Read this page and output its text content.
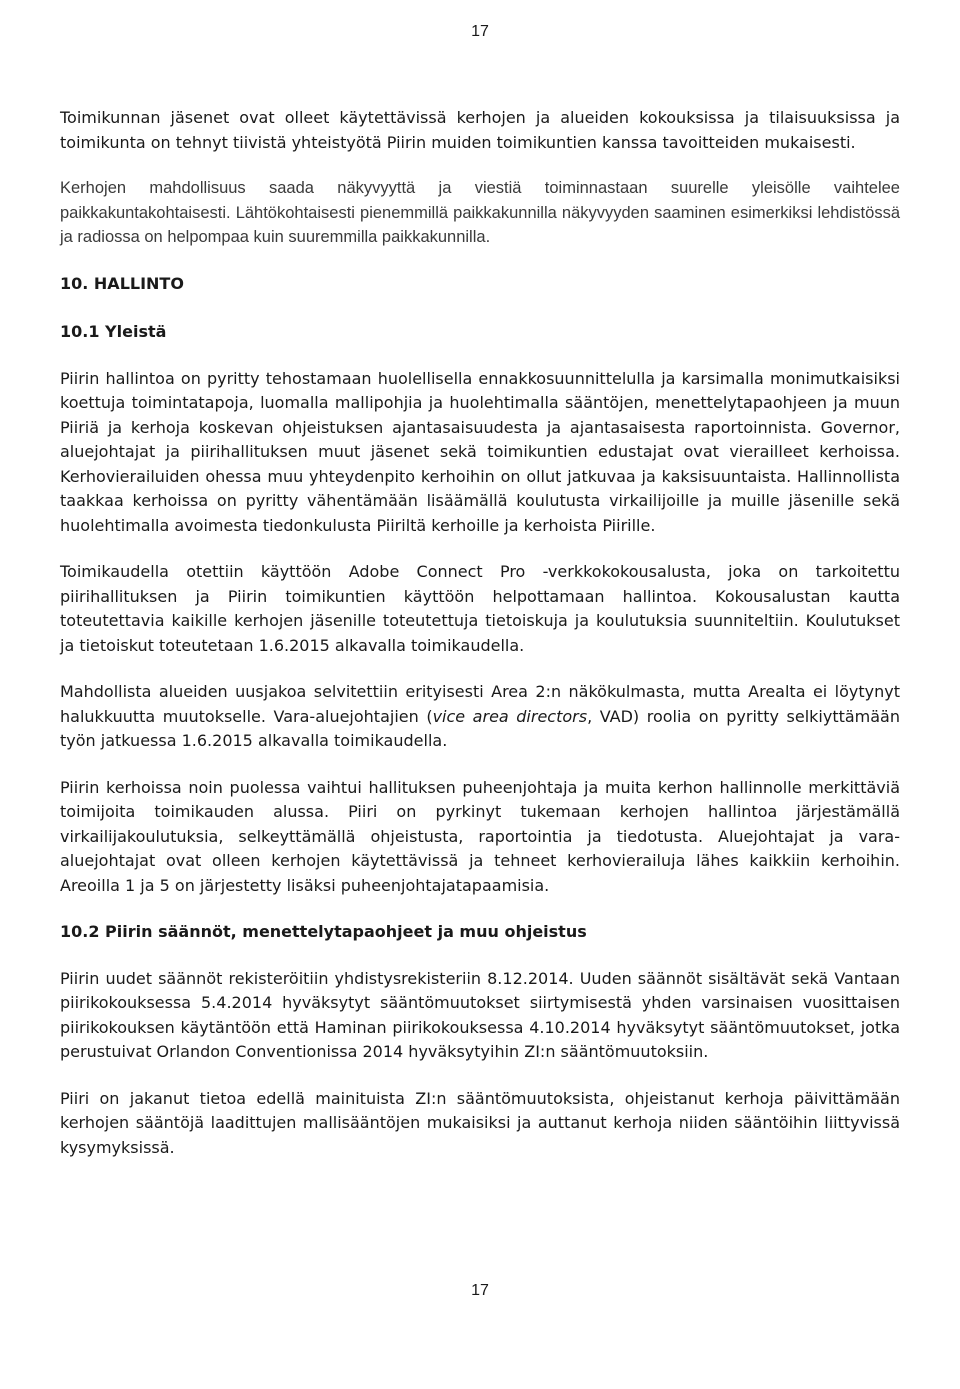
17

Toimikunnan jäsenet ovat olleet käytettävissä kerhojen ja alueiden kokouksissa ja tilaisuuksissa ja toimikunta on tehnyt tiivistä yhteistyötä Piirin muiden toimikuntien kanssa tavoitteiden mukaisesti.

Kerhojen mahdollisuus saada näkyvyyttä ja viestiä toiminnastaan suurelle yleisölle vaihtelee paikkakuntakohtaisesti. Lähtökohtaisesti pienemmillä paikkakunnilla näkyvyyden saaminen esimerkiksi lehdistössä ja radiossa on helpompaa kuin suuremmilla paikkakunnilla.

10. HALLINTO
10.1 Yleistä

Piirin hallintoa on pyritty tehostamaan huolellisella ennakkosuunnittelulla ja karsimalla monimutkaisiksi koettuja toimintatapoja, luomalla mallipohjia ja huolehtimalla sääntöjen, menettelytapaohjeen ja muun Piiriä ja kerhoja koskevan ohjeistuksen ajantasaisuudesta ja ajantasaisesta raportoinnista. Governor, aluejohtajat ja piirihallituksen muut jäsenet sekä toimikuntien edustajat ovat vierailleet kerhoissa. Kerhovierailuiden ohessa muu yhteydenpito kerhoihin on ollut jatkuvaa ja kaksisuuntaista. Hallinnollista taakkaa kerhoissa on pyritty vähentämään lisäämällä koulutusta virkailijoille ja muille jäsenille sekä huolehtimalla avoimesta tiedonkulusta Piiriltä kerhoille ja kerhoista Piirille.

Toimikaudella otettiin käyttöön Adobe Connect Pro -verkkokokousalusta, joka on tarkoitettu piirihallituksen ja Piirin toimikuntien käyttöön helpottamaan hallintoa. Kokousalustan kautta toteutettavia kaikille kerhojen jäsenille toteutettuja tietoiskuja ja koulutuksia suunniteltiin. Koulutukset ja tietoiskut toteutetaan 1.6.2015 alkavalla toimikaudella.

Mahdollista alueiden uusjakoa selvitettiin erityisesti Area 2:n näkökulmasta, mutta Arealta ei löytynyt halukkuutta muutokselle. Vara-aluejohtajien (vice area directors, VAD) roolia on pyritty selkiyttämään työn jatkuessa 1.6.2015 alkavalla toimikaudella.

Piirin kerhoissa noin puolessa vaihtui hallituksen puheenjohtaja ja muita kerhon hallinnolle merkittäviä toimijoita toimikauden alussa. Piiri on pyrkinyt tukemaan kerhojen hallintoa järjestämällä virkailijakoulutuksia, selkeyttämällä ohjeistusta, raportointia ja tiedotusta. Aluejohtajat ja vara-aluejohtajat ovat olleen kerhojen käytettävissä ja tehneet kerhovierailuja lähes kaikkiin kerhoihin. Areoilla 1 ja 5 on järjestetty lisäksi puheenjohtajatapaamisia.

10.2 Piirin säännöt, menettelytapaohjeet ja muu ohjeistus

Piirin uudet säännöt rekisteröitiin yhdistysrekisteriin 8.12.2014. Uuden säännöt sisältävät sekä Vantaan piirikokouksessa 5.4.2014 hyväksytyt sääntömuutokset siirtymisestä yhden varsinaisen vuosittaisen piirikokouksen käytäntöön että Haminan piirikokouksessa 4.10.2014 hyväksytyt sääntömuutokset, jotka perustuivat Orlandon Conventionissa 2014 hyväksytyihin ZI:n sääntömuutoksiin.

Piiri on jakanut tietoa edellä mainituista ZI:n sääntömuutoksista, ohjeistanut kerhoja päivittämään kerhojen sääntöjä laadittujen mallisääntöjen mukaisiksi ja auttanut kerhoja niiden sääntöihin liittyvissä kysymyksissä.

17
